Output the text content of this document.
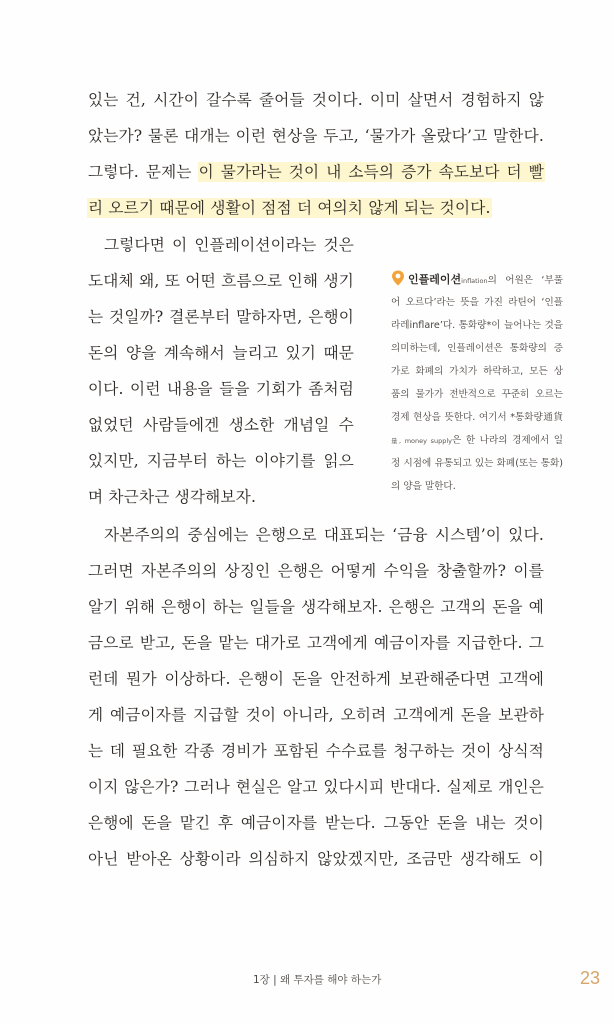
있는 건, 시간이 갈수록 줄어들 것이다. 이미 살면서 경험하지 않
았는가? 물론 대개는 이런 현상을 두고, ‘물가가 올랐다’고 말한다.
그렇다. 문제는 이 물가라는 것이 내 소득의 증가 속도보다 더 빨
리 오르기 때문에 생활이 점점 더 여의치 않게 되는 것이다.
그렇다면 이 인플레이션이라는 것은
도대체 왜, 또 어떤 흐름으로 인해 생기
는 것일까? 결론부터 말하자면, 은행이
돈의 양을 계속해서 늘리고 있기 때문
이다. 이런 내용을 들을 기회가 좀처럼
없었던 사람들에겐 생소한 개념일 수
있지만, 지금부터 하는 이야기를 읽으
며 차근차근 생각해보자.
인플레이션inflation의 어원은 ‘부풀
어 오르다’라는 뜻을 가진 라틴어 ‘인플
라레inflare’다. 통화량*이 늘어나는 것을
의미하는데, 인플레이션은 통화량의 증
가로 화폐의 가치가 하락하고, 모든 상
품의 물가가 전반적으로 꾸준히 오르는
경제 현상을 뜻한다. 여기서 *통화량通貨
量, money supply은 한 나라의 경제에서 일
정 시점에 유통되고 있는 화폐(또는 통화)
의 양을 말한다.
자본주의의 중심에는 은행으로 대표되는 ‘금융 시스템’이 있다.
그러면 자본주의의 상징인 은행은 어떻게 수익을 창출할까? 이를
알기 위해 은행이 하는 일들을 생각해보자. 은행은 고객의 돈을 예
금으로 받고, 돈을 맡는 대가로 고객에게 예금이자를 지급한다. 그
런데 뭔가 이상하다. 은행이 돈을 안전하게 보관해준다면 고객에
게 예금이자를 지급할 것이 아니라, 오히려 고객에게 돈을 보관하
는 데 필요한 각종 경비가 포함된 수수료를 청구하는 것이 상식적
이지 않은가? 그러나 현실은 알고 있다시피 반대다. 실제로 개인은
은행에 돈을 맡긴 후 예금이자를 받는다. 그동안 돈을 내는 것이
아닌 받아온 상황이라 의심하지 않았겠지만, 조금만 생각해도 이
1장 | 왜 투자를 해야 하는가	23
